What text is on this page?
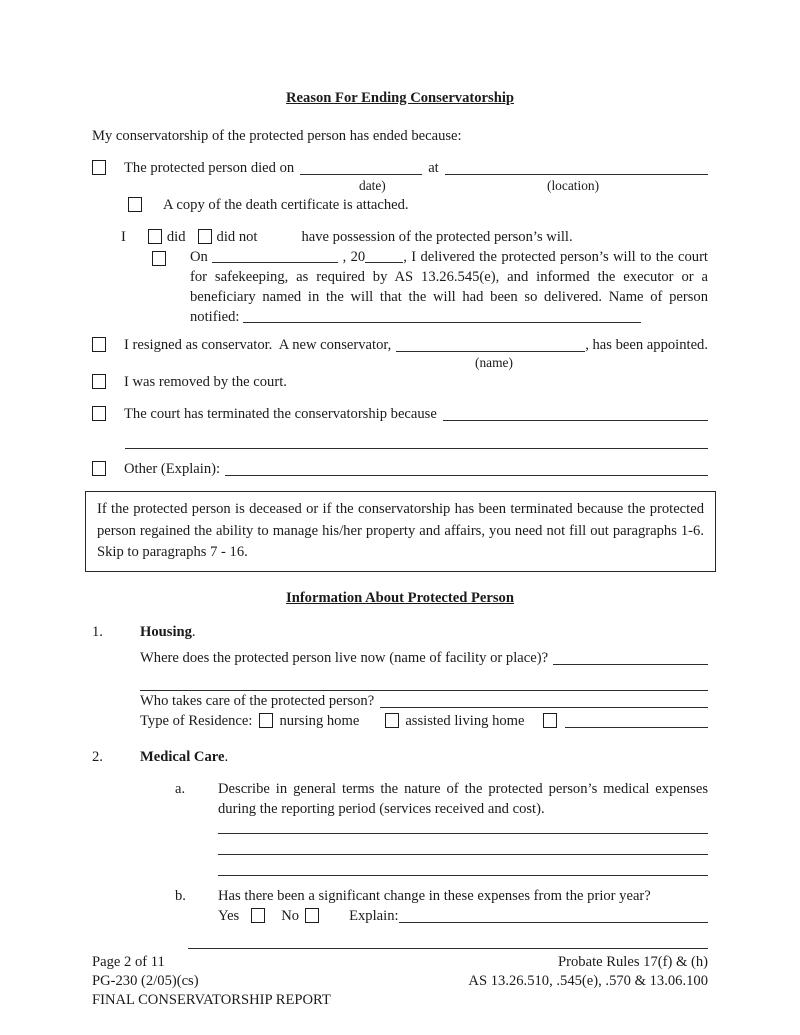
Reason For Ending Conservatorship
My conservatorship of the protected person has ended because:
The protected person died on	at
date)	(location)
A copy of the death certificate is attached.
I	did did not	have possession of the protected person’s will.
On	, 20	, I delivered the protected person’s will to the court for safekeeping, as required by AS 13.26.545(e), and informed the executor or a beneficiary named in the will that the will had been so delivered. Name of person notified:
I resigned as conservator.  A new conservator,	, has been appointed.
(name)
I was removed by the court.
The court has terminated the conservatorship because
Other (Explain):
If the protected person is deceased or if the conservatorship has been terminated because the protected person regained the ability to manage his/her property and affairs, you need not fill out paragraphs 1-6. Skip to paragraphs 7 - 16.
Information About Protected Person
1.	Housing.
Where does the protected person live now (name of facility or place)?
Who takes care of the protected person?
Type of Residence: nursing home	assisted living home
2.	Medical Care.
a.	Describe in general terms the nature of the protected person’s medical expenses during the reporting period (services received and cost).
b.	Has there been a significant change in these expenses from the prior year?
Yes	No	Explain:
Page 2 of 11
PG-230 (2/05)(cs)
FINAL CONSERVATORSHIP REPORT
Probate Rules 17(f) & (h)
AS 13.26.510, .545(e), .570 & 13.06.100
